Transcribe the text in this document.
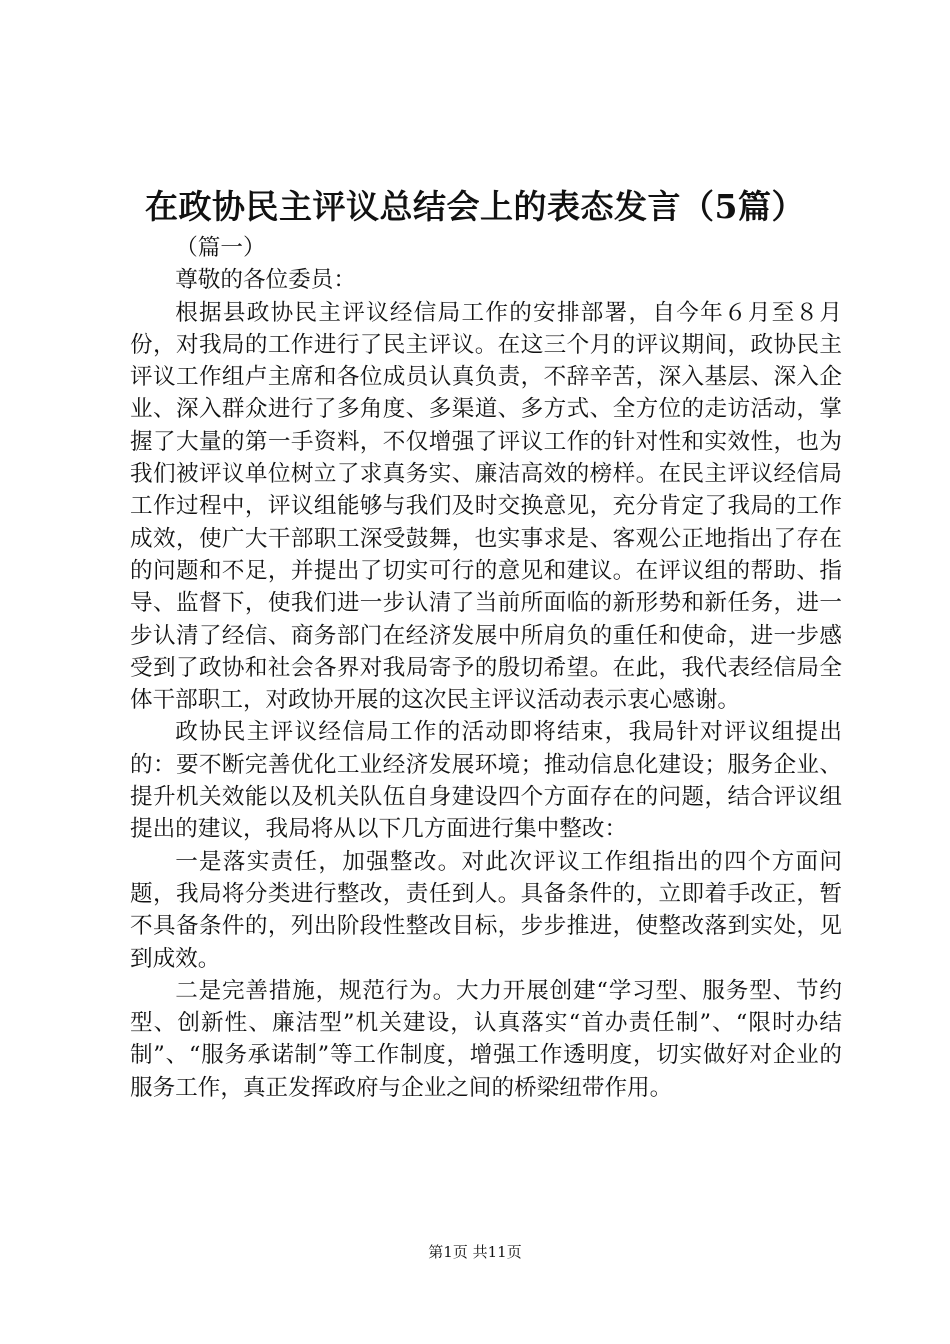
在政协民主评议总结会上的表态发言（5篇）

（篇一）

尊敬的各位委员：

根据县政协民主评议经信局工作的安排部署，自今年６月至８月份，对我局的工作进行了民主评议。在这三个月的评议期间，政协民主评议工作组卢主席和各位成员认真负责，不辞辛苦，深入基层、深入企业、深入群众进行了多角度、多渠道、多方式、全方位的走访活动，掌握了大量的第一手资料，不仅增强了评议工作的针对性和实效性，也为我们被评议单位树立了求真务实、廉洁高效的榜样。在民主评议经信局工作过程中，评议组能够与我们及时交换意见，充分肯定了我局的工作成效，使广大干部职工深受鼓舞，也实事求是、客观公正地指出了存在的问题和不足，并提出了切实可行的意见和建议。在评议组的帮助、指导、监督下，使我们进一步认清了当前所面临的新形势和新任务，进一步认清了经信、商务部门在经济发展中所肩负的重任和使命，进一步感受到了政协和社会各界对我局寄予的殷切希望。在此，我代表经信局全体干部职工，对政协开展的这次民主评议活动表示衷心感谢。

政协民主评议经信局工作的活动即将结束，我局针对评议组提出的：要不断完善优化工业经济发展环境；推动信息化建设；服务企业、提升机关效能以及机关队伍自身建设四个方面存在的问题，结合评议组提出的建议，我局将从以下几方面进行集中整改：

一是落实责任，加强整改。对此次评议工作组指出的四个方面问题，我局将分类进行整改，责任到人。具备条件的，立即着手改正，暂不具备条件的，列出阶段性整改目标，步步推进，使整改落到实处，见到成效。

二是完善措施，规范行为。大力开展创建“学习型、服务型、节约型、创新性、廉洁型”机关建设，认真落实“首办责任制”、“限时办结制”、“服务承诺制”等工作制度，增强工作透明度，切实做好对企业的服务工作，真正发挥政府与企业之间的桥梁纽带作用。

第1页 共11页
